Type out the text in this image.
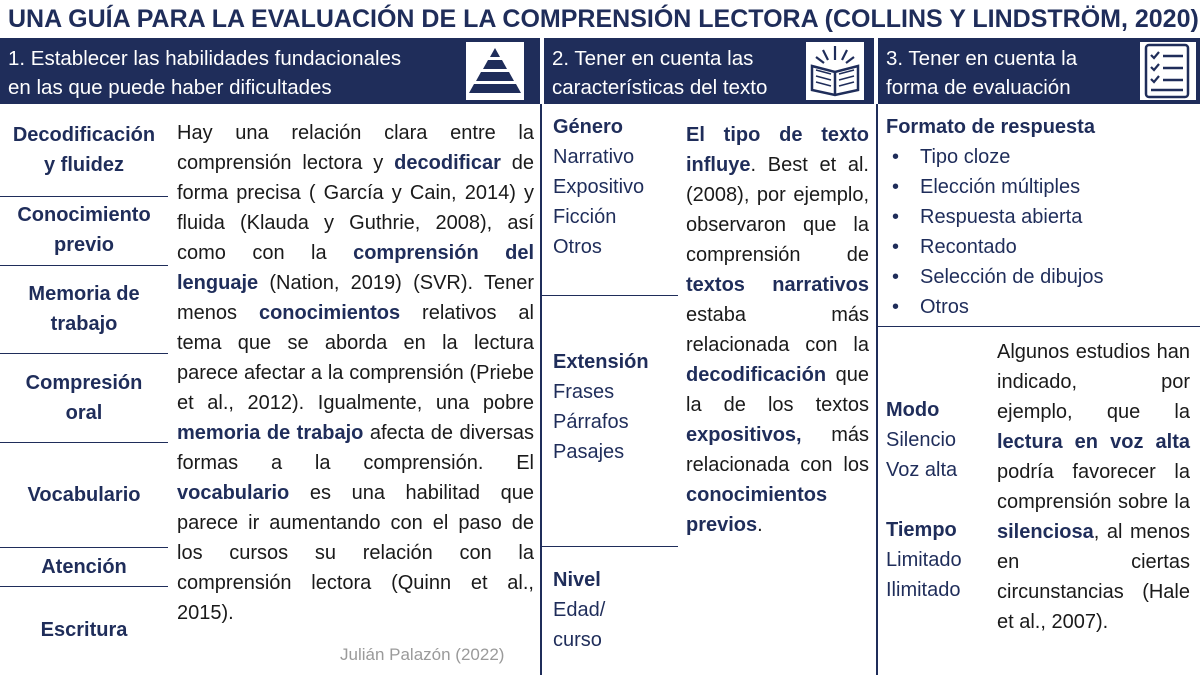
UNA GUÍA PARA LA EVALUACIÓN DE LA COMPRENSIÓN LECTORA (COLLINS Y LINDSTRÖM, 2020)
1. Establecer las habilidades fundacionales
en las que puede haber dificultades
2. Tener en cuenta las
características del texto
3. Tener en cuenta la
forma de evaluación
Decodificación
y fluidez
Conocimiento
previo
Memoria de
trabajo
Compresión
oral
Vocabulario
Atención
Escritura
Hay una relación clara entre la comprensión lectora y decodificar de forma precisa ( García y Cain, 2014) y fluida (Klauda y Guthrie, 2008), así como con la comprensión del lenguaje (Nation, 2019) (SVR). Tener menos conocimientos relativos al tema que se aborda en la lectura parece afectar a la comprensión (Priebe et al., 2012). Igualmente, una pobre memoria de trabajo afecta de diversas formas a la comprensión. El vocabulario es una habilitad que parece ir aumentando con el paso de los cursos su relación con la comprensión lectora (Quinn et al., 2015).
Julián Palazón (2022)
Género
Narrativo
Expositivo
Ficción
Otros
Extensión
Frases
Párrafos
Pasajes
Nivel
Edad/
curso
El tipo de texto influye. Best et al. (2008), por ejemplo, observaron que la comprensión de textos narrativos estaba más relacionada con la decodificación que la de los textos expositivos, más relacionada con los conocimientos previos.
Formato de respuesta
• Tipo cloze
• Elección múltiples
• Respuesta abierta
• Recontado
• Selección de dibujos
• Otros
Modo
Silencio
Voz alta
Tiempo
Limitado
Ilimitado
Algunos estudios han indicado, por ejemplo, que la lectura en voz alta podría favorecer la comprensión sobre la silenciosa, al menos en ciertas circunstancias (Hale et al., 2007).
